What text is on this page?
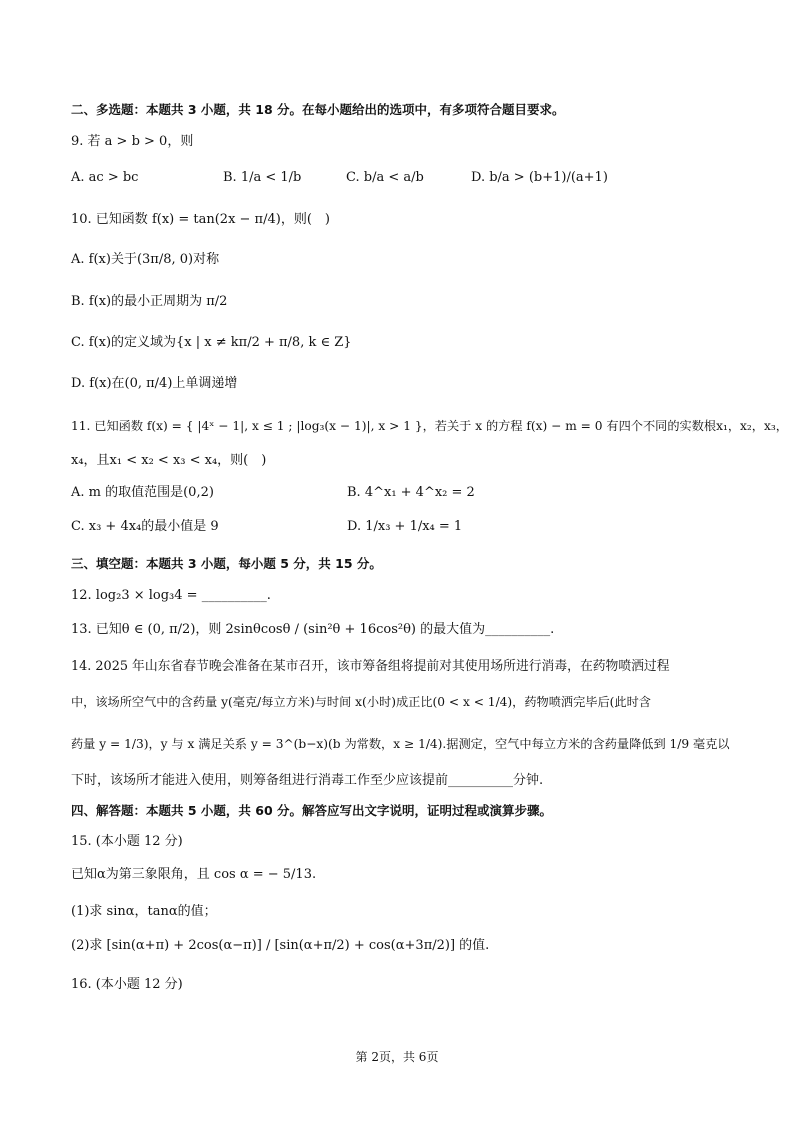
二、多选题：本题共 3 小题，共 18 分。在每小题给出的选项中，有多项符合题目要求。
9. 若 a > b > 0，则
A. ac > bc	B. 1/a < 1/b	C. b/a < a/b	D. b/a > (b+1)/(a+1)
10. 已知函数 f(x) = tan(2x − π/4)，则(　)
A. f(x)关于(3π/8, 0)对称
B. f(x)的最小正周期为 π/2
C. f(x)的定义域为{x | x ≠ kπ/2 + π/8, k ∈ Z}
D. f(x)在(0, π/4)上单调递增
11. 已知函数 f(x) = { |4ˣ − 1|, x ≤ 1 ; |log₃(x − 1)|, x > 1 }，若关于 x 的方程 f(x) − m = 0 有四个不同的实数根x₁，x₂，x₃，
x₄，且x₁ < x₂ < x₃ < x₄，则(　)
A. m 的取值范围是(0,2)	B. 4^x₁ + 4^x₂ = 2
C. x₃ + 4x₄的最小值是 9	D. 1/x₃ + 1/x₄ = 1
三、填空题：本题共 3 小题，每小题 5 分，共 15 分。
12. log₂3 × log₃4 = __________.
13. 已知θ ∈ (0, π/2)，则 2sinθcosθ / (sin²θ + 16cos²θ) 的最大值为__________.
14. 2025 年山东省春节晚会准备在某市召开，该市筹备组将提前对其使用场所进行消毒，在药物喷洒过程
中，该场所空气中的含药量 y(毫克/每立方米)与时间 x(小时)成正比(0 < x < 1/4)，药物喷洒完毕后(此时含
药量 y = 1/3)，y 与 x 满足关系 y = 3^(b−x)(b 为常数，x ≥ 1/4).据测定，空气中每立方米的含药量降低到 1/9 毫克以
下时，该场所才能进入使用，则筹备组进行消毒工作至少应该提前__________分钟.
四、解答题：本题共 5 小题，共 60 分。解答应写出文字说明，证明过程或演算步骤。
15. (本小题 12 分)
已知α为第三象限角，且 cos α = − 5/13.
(1)求 sinα，tanα的值；
(2)求 [sin(α+π) + 2cos(α−π)] / [sin(α+π/2) + cos(α+3π/2)] 的值.
16. (本小题 12 分)
第 2页，共 6页
